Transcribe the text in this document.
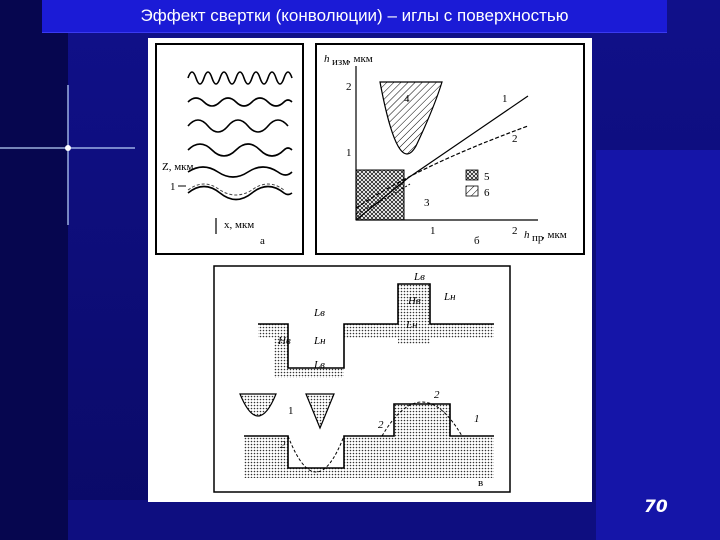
Эффект свертки (конволюции) – иглы с поверхностью
Z, мкм
1
x, мкм
а
h изм
, мкм
2
1
1	2 h пр
, мкм
4
5
6
1
2
3
б
Lв
Hв Lн
Lв
Hв
Lн
Lв
Lн
1
2
2
2
1
в
70
